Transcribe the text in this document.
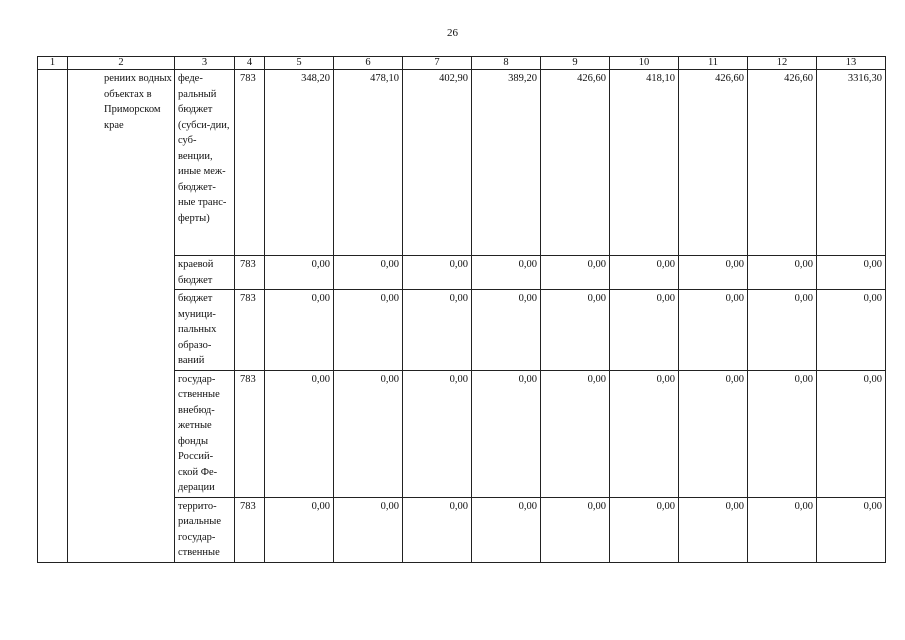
26
1	2	3	4	5	6	7	8	9	10	11	12	13
	рениих водных объектах в Приморском крае	феде-ральный бюджет (субси-дии, суб-венции, иные меж-бюджет-ные транс-ферты)	783	348,20	478,10	402,90	389,20	426,60	418,10	426,60	426,60	3316,30
		краевой бюджет	783	0,00	0,00	0,00	0,00	0,00	0,00	0,00	0,00	0,00
		бюджет муници-пальных образо-ваний	783	0,00	0,00	0,00	0,00	0,00	0,00	0,00	0,00	0,00
		государ-ственные внебюд-жетные фонды Россий-ской Фе-дерации	783	0,00	0,00	0,00	0,00	0,00	0,00	0,00	0,00	0,00
		террито-риальные государ-ственные	783	0,00	0,00	0,00	0,00	0,00	0,00	0,00	0,00	0,00
